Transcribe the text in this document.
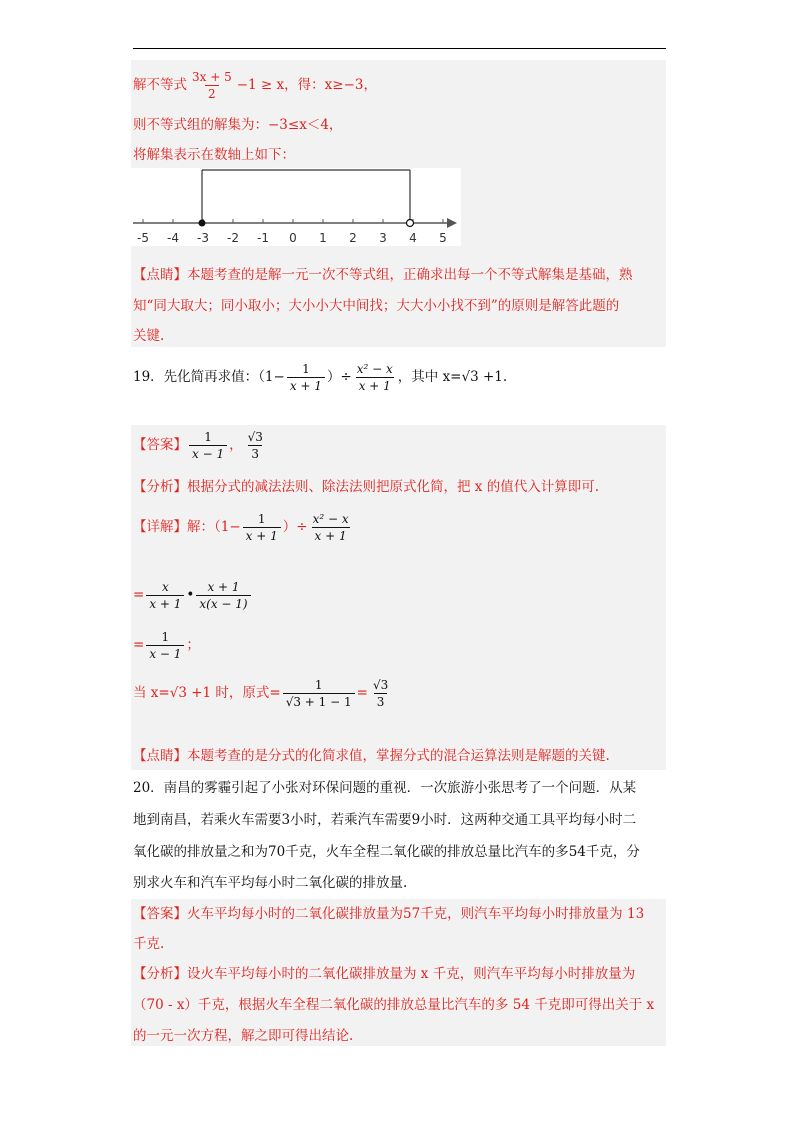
解不等式 $\frac{3x + 5}{2} -1 \ge x$，得：x≥−3，
则不等式组的解集为：−3≤x＜4，
将解集表示在数轴上如下：
-5 -4 -3 -2 -1 0 1 2 3 4 5
【点睛】本题考查的是解一元一次不等式组，正确求出每一个不等式解集是基础，熟
知“同大取大；同小取小；大小小大中间找；大大小小找不到”的原则是解答此题的
关键.
19．先化简再求值：（$1- \frac{1}{x + 1}$ ）÷ $\frac{\text{x² − x}}{x + 1}$ ，其中 x=√3 +1.
【答案】 $\frac{1}{x - 1}$ ， $\frac{√3}{3}$
【分析】根据分式的减法法则、除法法则把原式化简，把 x 的值代入计算即可.
【详解】解：（$1- \frac{1}{x + 1}$ ）÷ $\frac{\text{x² − x}}{x + 1}$
= $\frac{x}{x + 1}$ • $\frac{x + 1}{x(x - 1)}$
= $\frac{1}{x - 1}$ ；
当 x=√3 +1 时，原式= $\frac{1}{√3 + 1 - 1} = \frac{√3}{3}$
【点睛】本题考查的是分式的化简求值，掌握分式的混合运算法则是解题的关键.
20．南昌的雾霾引起了小张对环保问题的重视．一次旅游小张思考了一个问题．从某
地到南昌，若乘火车需要3小时，若乘汽车需要9小时．这两种交通工具平均每小时二
氧化碳的排放量之和为70千克，火车全程二氧化碳的排放总量比汽车的多54千克，分
别求火车和汽车平均每小时二氧化碳的排放量.
【答案】火车平均每小时的二氧化碳排放量为57千克，则汽车平均每小时排放量为 13
千克.
【分析】设火车平均每小时的二氧化碳排放量为 x 千克，则汽车平均每小时排放量为
（70 - x）千克，根据火车全程二氧化碳的排放总量比汽车的多 54 千克即可得出关于 x
的一元一次方程，解之即可得出结论.
